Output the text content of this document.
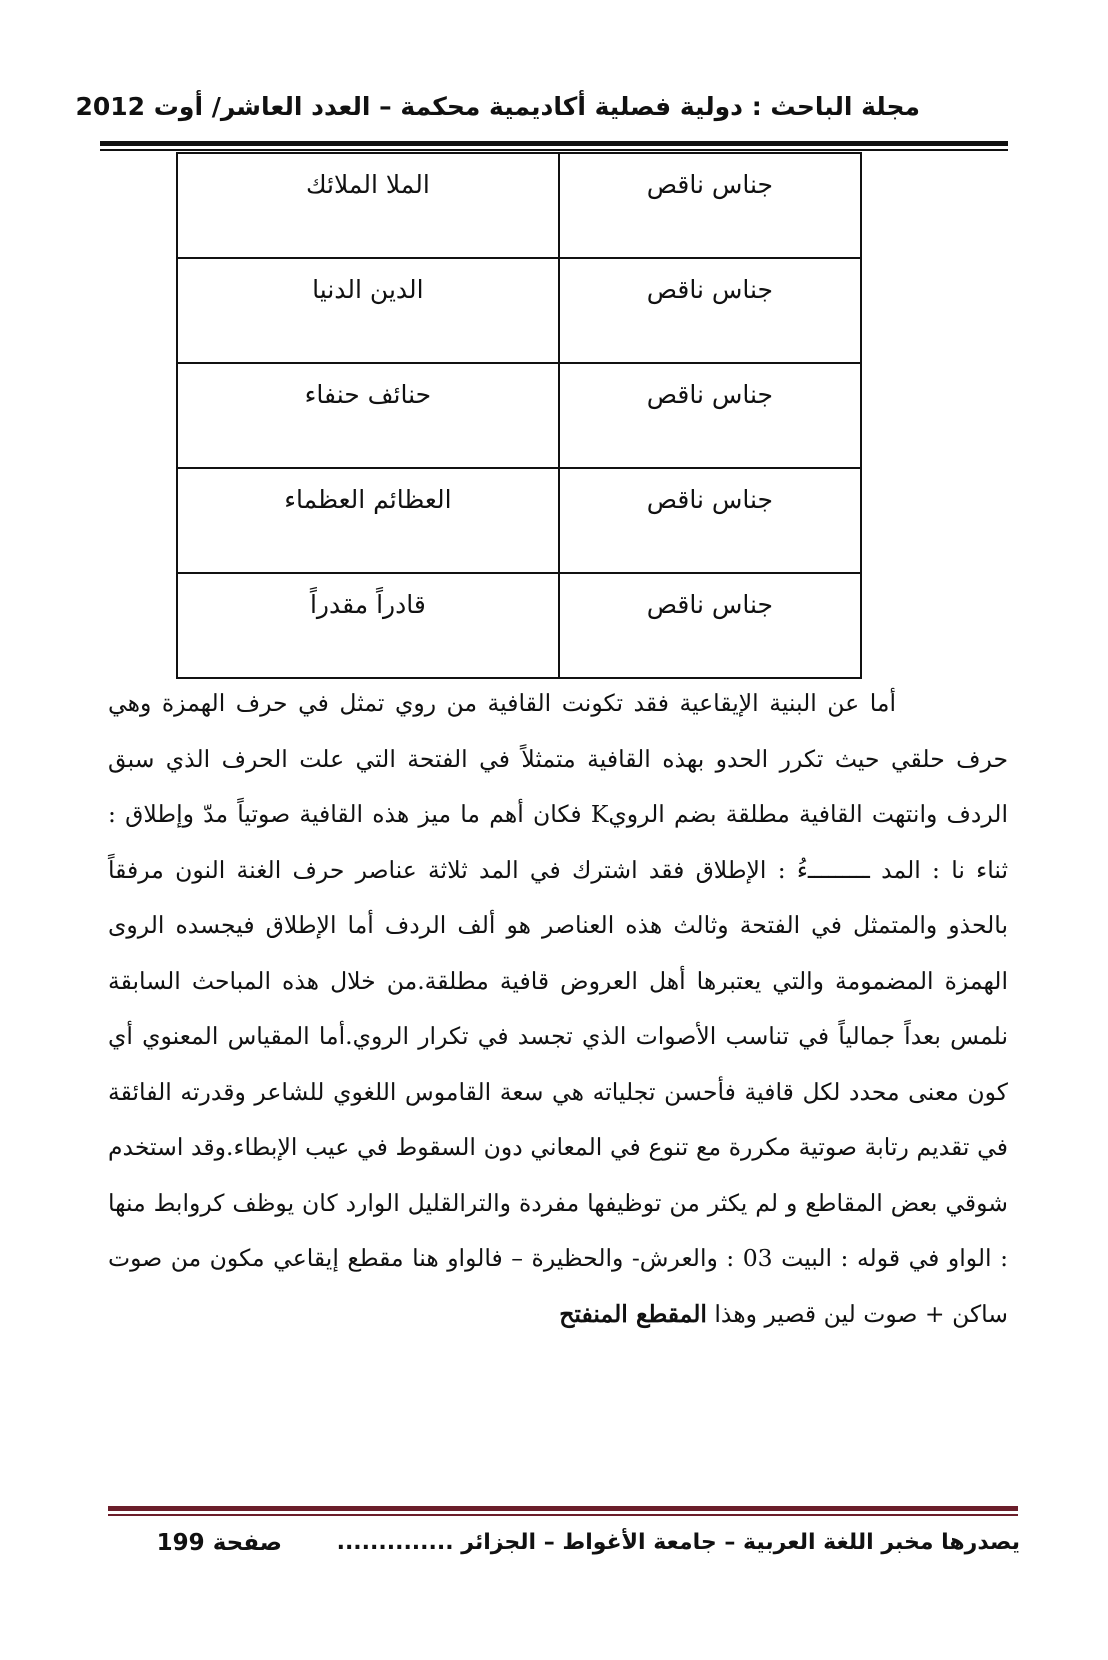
مجلة الباحث : دولية فصلية أكاديمية محكمة – العدد العاشر/ أوت 2012
جناس ناقص	الملا الملائك
جناس ناقص	الدين الدنيا
جناس ناقص	حنائف حنفاء
جناس ناقص	العظائم العظماء
جناس ناقص	قادراً مقدراً
أما عن البنية الإيقاعية فقد تكونت القافية من روي تمثل في حرف الهمزة وهي حرف حلقي حيث تكرر الحدو بهذه القافية متمثلاً في الفتحة التي علت الحرف الذي سبق الردف وانتهت القافية مطلقة بضم الرويK فكان أهم ما ميز هذه القافية صوتياً مدّ وإطلاق : ثناء نا : المد ـــــــــءُ : الإطلاق فقد اشترك في المد ثلاثة عناصر حرف الغنة النون مرفقاً بالحذو والمتمثل في الفتحة وثالث هذه العناصر هو ألف الردف أما الإطلاق فيجسده الروى الهمزة المضمومة والتي يعتبرها أهل العروض قافية مطلقة.من خلال هذه المباحث السابقة نلمس بعداً جمالياً في تناسب الأصوات الذي تجسد في تكرار الروي.أما المقياس المعنوي أي كون معنى محدد لكل قافية فأحسن تجلياته هي سعة القاموس اللغوي للشاعر وقدرته الفائقة في تقديم رتابة صوتية مكررة مع تنوع في المعاني دون السقوط في عيب الإبطاء.وقد استخدم شوقي بعض المقاطع و لم يكثر من توظيفها مفردة والترالقليل الوارد كان يوظف كروابط منها : الواو في قوله : البيت 03 : والعرش- والحظيرة – فالواو هنا مقطع إيقاعي مكون من صوت ساكن + صوت لين قصير وهذا المقطع المنفتح
يصدرها مخبر اللغة العربية – جامعة الأغواط – الجزائر ..............
صفحة 199
